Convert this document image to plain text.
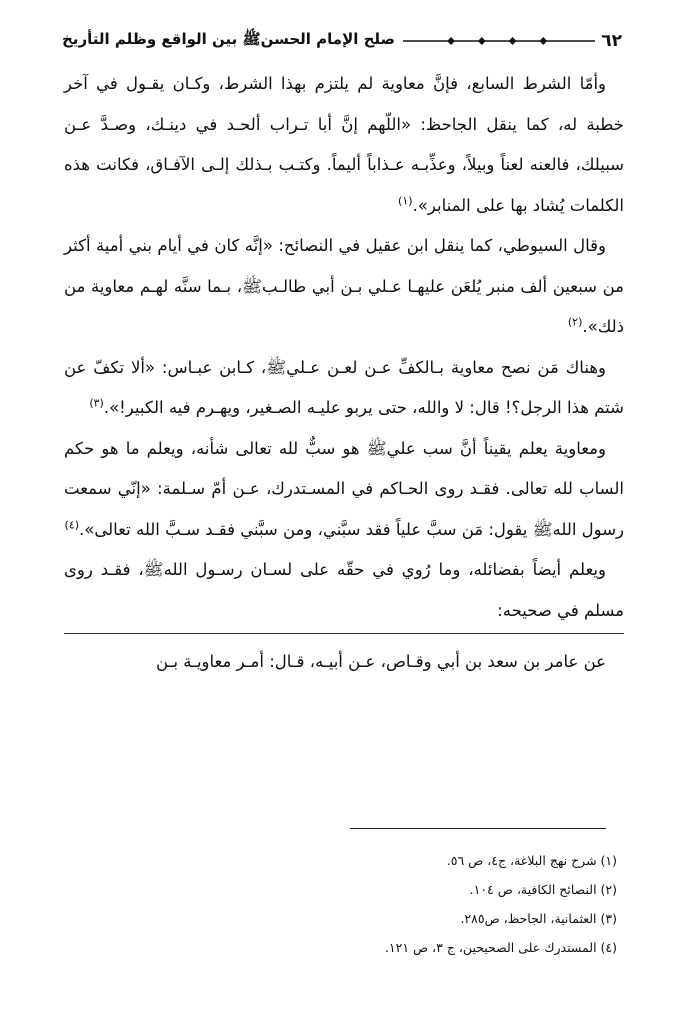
٦٢
صلح الإمام الحسنﷺ بين الواقع وظلم التأريخ

وأمّا الشرط السابع، فإنَّ معاوية لم يلتزم بهذا الشرط، وكـان يقـول في آخر خطبة له، كما ينقل الجاحظ: «اللّهم إنَّ أبا تـراب ألحـد في دينـك، وصـدَّ عـن سبيلك، فالعنه لعناً وبيلاً، وعذِّبـه عـذاباً أليماً. وكتـب بـذلك إلـى الآفـاق، فكانت هذه الكلمات يُشاد بها على المنابر».$^{(١)}$

وقال السيوطي، كما ينقل ابن عقيل في النصائح: «إنَّه كان في أيام بني أمية أكثر من سبعين ألف منبر يُلعَن عليهـا عـلي بـن أبي طالـبﷺ، بـما سنَّه لهـم معاوية من ذلك».$^{(٢)}$

وهناك مَن نصح معاوية بـالكفِّ عـن لعـن عـليﷺ، كـابن عبـاس: «ألا تكفّ عن شتم هذا الرجل؟! قال: لا والله، حتى يربو عليـه الصـغير، ويهـرم فيه الكبير!».$^{(٣)}$

ومعاوية يعلم يقيناً أنَّ سب عليﷺ هو سبٌّ لله تعالى شأنه، ويعلم ما هو حكم الساب لله تعالى. فقـد روى الحـاكم في المسـتدرك، عـن أمّ سـلمة: «إنّي سمعت رسول اللهﷺ يقول: مَن سبَّ علياً فقد سبَّني، ومن سبَّني فقـد سـبَّ الله تعالى».$^{(٤)}$

ويعلم أيضاً بفضائله، وما رُوي في حقّه على لسـان رسـول اللهﷺ، فقـد روى مسلم في صحيحه:

عن عامر بن سعد بن أبي وقـاص، عـن أبيـه، قـال: أمـر معاويـة بـن

(١) شرح نهج البلاغة، ج٤، ص ٥٦.

(٢) النصائح الكافية، ص ١٠٤.

(٣) العثمانية، الجاحظ، ص٢٨٥.

(٤) المستدرك على الصحيحين، ج ٣، ص ١٢١.
